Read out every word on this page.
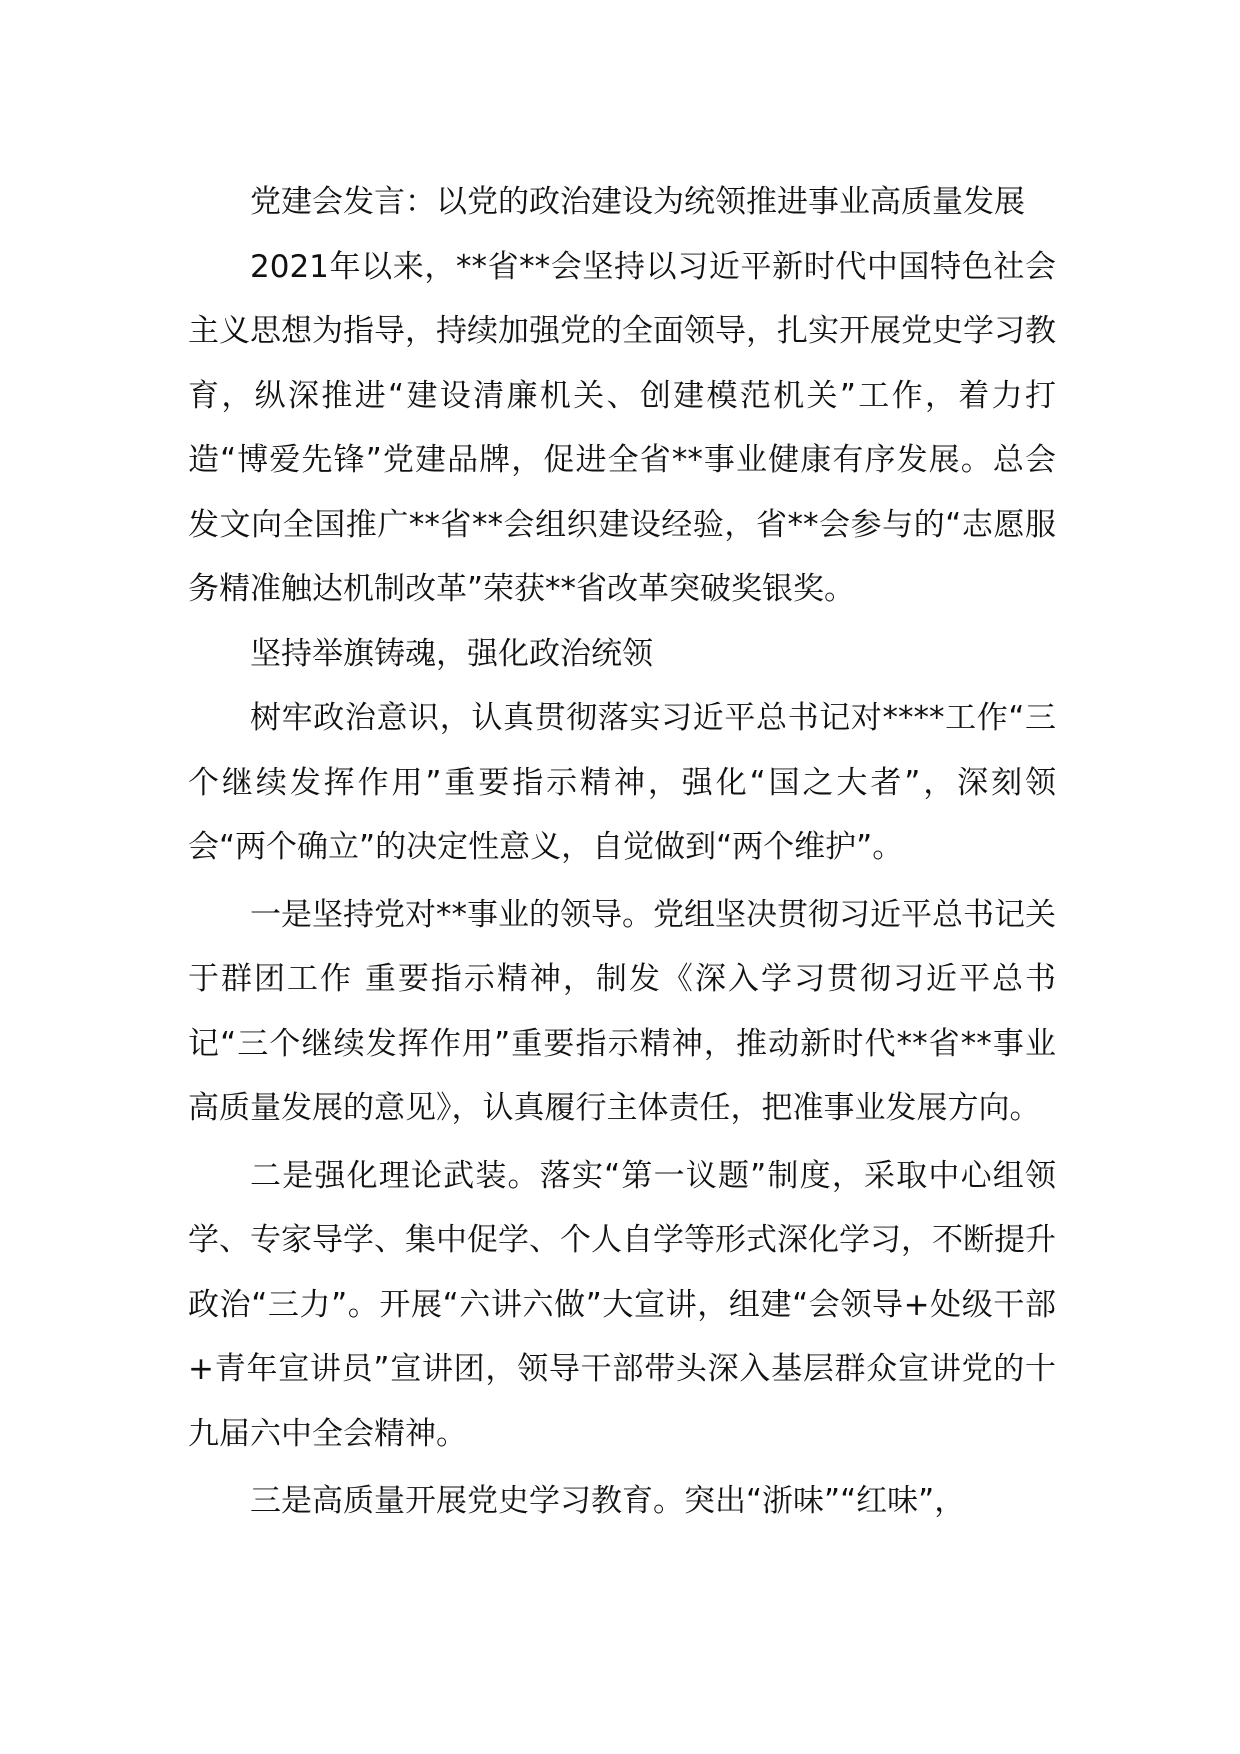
党建会发言：以党的政治建设为统领推进事业高质量发展

2021年以来，**省**会坚持以习近平新时代中国特色社会主义思想为指导，持续加强党的全面领导，扎实开展党史学习教育，纵深推进“建设清廉机关、创建模范机关”工作，着力打造“博爱先锋”党建品牌，促进全省**事业健康有序发展。总会发文向全国推广**省**会组织建设经验，省**会参与的“志愿服务精准触达机制改革”荣获**省改革突破奖银奖。

坚持举旗铸魂，强化政治统领

树牢政治意识，认真贯彻落实习近平总书记对****工作“三个继续发挥作用”重要指示精神，强化“国之大者”，深刻领会“两个确立”的决定性意义，自觉做到“两个维护”。

一是坚持党对**事业的领导。党组坚决贯彻习近平总书记关于群团工作 重要指示精神，制发《深入学习贯彻习近平总书记“三个继续发挥作用”重要指示精神，推动新时代**省**事业高质量发展的意见》，认真履行主体责任，把准事业发展方向。

二是强化理论武装。落实“第一议题”制度，采取中心组领学、专家导学、集中促学、个人自学等形式深化学习，不断提升政治“三力”。开展“六讲六做”大宣讲，组建“会领导+处级干部+青年宣讲员”宣讲团，领导干部带头深入基层群众宣讲党的十九届六中全会精神。

三是高质量开展党史学习教育。突出“浙味”“红味”，
